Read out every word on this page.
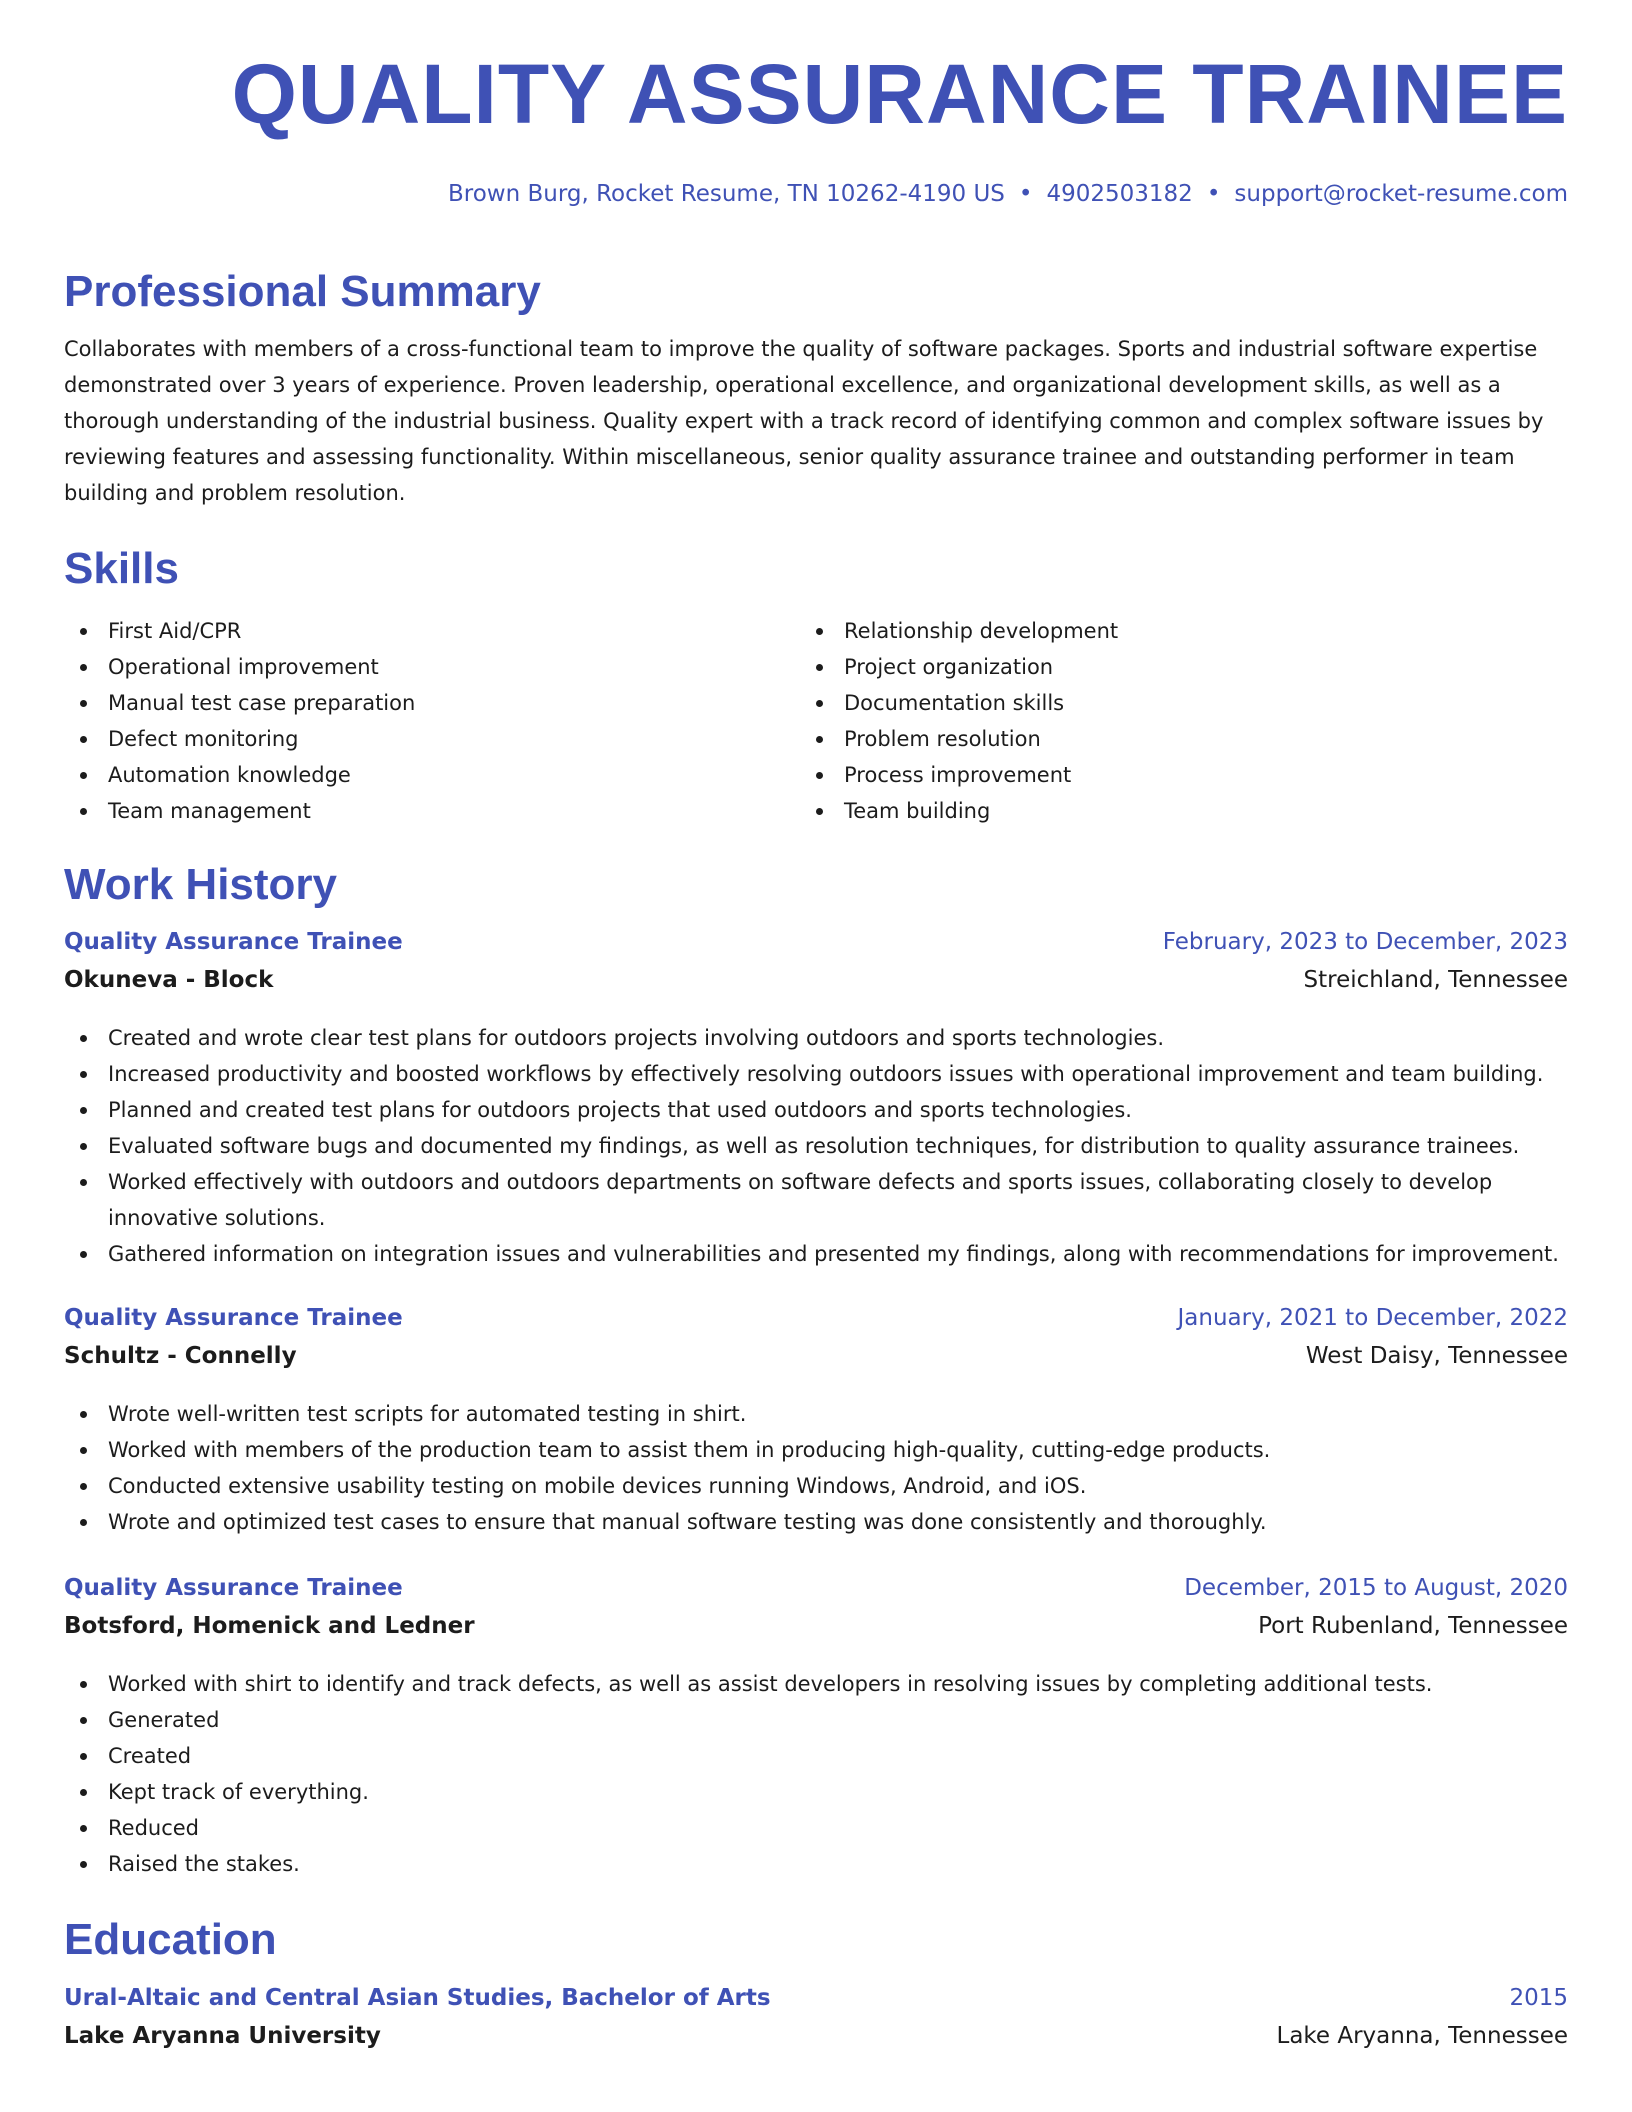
QUALITY ASSURANCE TRAINEE
Brown Burg, Rocket Resume, TN 10262-4190 US • 4902503182 • support@rocket-resume.com
Professional Summary

Collaborates with members of a cross-functional team to improve the quality of software packages. Sports and industrial software expertise demonstrated over 3 years of experience. Proven leadership, operational excellence, and organizational development skills, as well as a thorough understanding of the industrial business. Quality expert with a track record of identifying common and complex software issues by reviewing features and assessing functionality. Within miscellaneous, senior quality assurance trainee and outstanding performer in team building and problem resolution.

Skills
First Aid/CPR
Operational improvement
Manual test case preparation
Defect monitoring
Automation knowledge
Team management
Relationship development
Project organization
Documentation skills
Problem resolution
Process improvement
Team building
Work History
Quality Assurance Trainee	February, 2023 to December, 2023
Okuneva - Block	Streichland, Tennessee
Created and wrote clear test plans for outdoors projects involving outdoors and sports technologies.
Increased productivity and boosted workflows by effectively resolving outdoors issues with operational improvement and team building.
Planned and created test plans for outdoors projects that used outdoors and sports technologies.
Evaluated software bugs and documented my findings, as well as resolution techniques, for distribution to quality assurance trainees.
Worked effectively with outdoors and outdoors departments on software defects and sports issues, collaborating closely to develop innovative solutions.
Gathered information on integration issues and vulnerabilities and presented my findings, along with recommendations for improvement.
Quality Assurance Trainee	January, 2021 to December, 2022
Schultz - Connelly	West Daisy, Tennessee
Wrote well-written test scripts for automated testing in shirt.
Worked with members of the production team to assist them in producing high-quality, cutting-edge products.
Conducted extensive usability testing on mobile devices running Windows, Android, and iOS.
Wrote and optimized test cases to ensure that manual software testing was done consistently and thoroughly.
Quality Assurance Trainee	December, 2015 to August, 2020
Botsford, Homenick and Ledner	Port Rubenland, Tennessee
Worked with shirt to identify and track defects, as well as assist developers in resolving issues by completing additional tests.
Generated
Created
Kept track of everything.
Reduced
Raised the stakes.
Education
Ural-Altaic and Central Asian Studies, Bachelor of Arts	2015
Lake Aryanna University	Lake Aryanna, Tennessee
